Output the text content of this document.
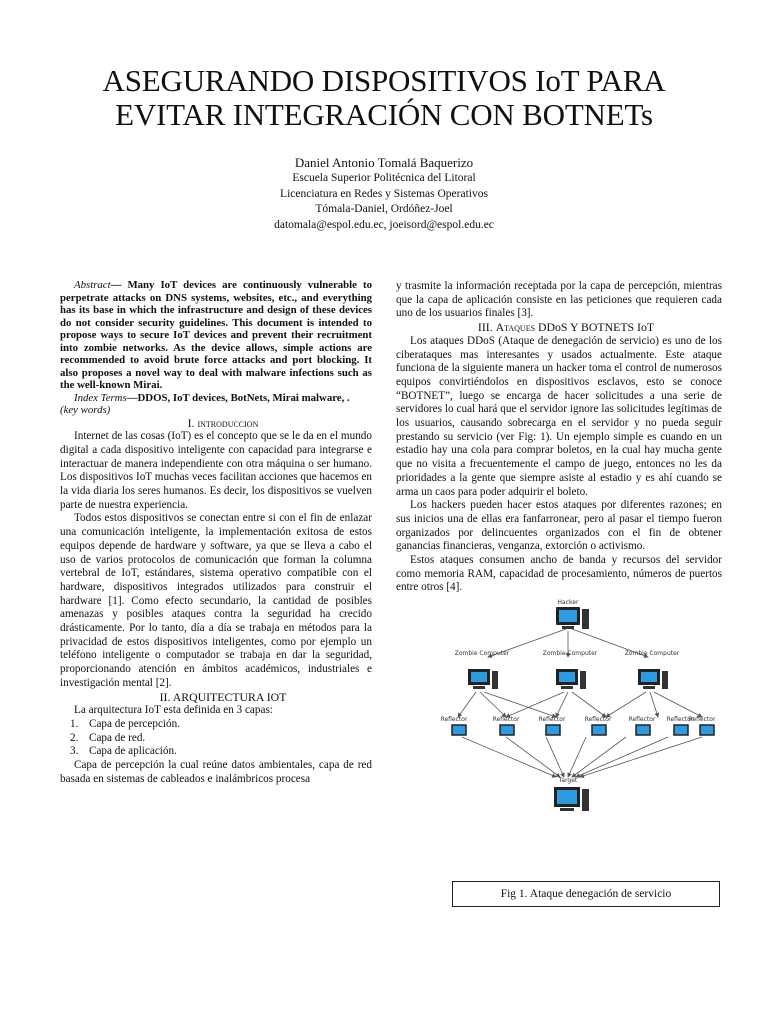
ASEGURANDO DISPOSITIVOS IoT PARA
EVITAR INTEGRACIÓN CON BOTNETs
Daniel Antonio Tomalá Baquerizo
Escuela Superior Politécnica del Litoral
Licenciatura en Redes y Sistemas Operativos
Tómala-Daniel, Ordóñez-Joel
datomala@espol.edu.ec, joeisord@espol.edu.ec

Abstract— Many IoT devices are continuously vulnerable to perpetrate attacks on DNS systems, websites, etc., and everything has its base in which the infrastructure and design of these devices do not consider security guidelines. This document is intended to propose ways to secure IoT devices and prevent their recruitment into zombie networks. As the device allows, simple actions are recommended to avoid brute force attacks and port blocking. It also proposes a novel way to deal with malware infections such as the well-known Mirai.

Index Terms—DDOS, IoT devices, BotNets, Mirai malware, .
(key words)

I. introduccion

Internet de las cosas (IoT) es el concepto que se le da en el mundo digital a cada dispositivo inteligente con capacidad para integrarse e interactuar de manera independiente con otra máquina o ser humano. Los dispositivos IoT muchas veces facilitan acciones que hacemos en la vida diaria los seres humanos. Es decir, los dispositivos se vuelven parte de nuestra experiencia.

Todos estos dispositivos se conectan entre si con el fin de enlazar una comunicación inteligente, la implementación exitosa de estos equipos depende de hardware y software, ya que se lleva a cabo el uso de varios protocolos de comunicación que forman la columna vertebral de IoT, estándares, sistema operativo compatible con el hardware, dispositivos integrados utilizados para construir el hardware [1]. Como efecto secundario, la cantidad de posibles amenazas y posibles ataques contra la seguridad ha crecido drásticamente. Por lo tanto, día a día se trabaja en métodos para la privacidad de estos dispositivos inteligentes, como por ejemplo un teléfono inteligente o computador se trabaja en dar la seguridad, proporcionando atención en ámbitos académicos, industriales e investigación mental [2].

II. ARQUITECTURA IOT

La arquitectura IoT esta definida en 3 capas:

1. Capa de percepción.
2. Capa de red.
3. Capa de aplicación.

Capa de percepción la cual reúne datos ambientales, capa de red basada en sistemas de cableados e inalámbricos procesa

y trasmite la información receptada por la capa de percepción, mientras que la capa de aplicación consiste en las peticiones que requieren cada uno de los usuarios finales [3].

III. Ataques DDoS Y BOTNETS IoT

Los ataques DDoS (Ataque de denegación de servicio) es uno de los ciberataques mas interesantes y usados actualmente. Este ataque funciona de la siguiente manera un hacker toma el control de numerosos equipos convirtiéndolos en dispositivos esclavos, esto se conoce “BOTNET”, luego se encarga de hacer solicitudes a una serie de servidores lo cual hará que el servidor ignore las solicitudes legítimas de los usuarios, causando sobrecarga en el servidor y no pueda seguir prestando su servicio (ver Fig: 1). Un ejemplo simple es cuando en un estadio hay una cola para comprar boletos, en la cual hay mucha gente que no visita a frecuentemente el campo de juego, entonces no les da prioridades a la gente que siempre asiste al estadio y es ahí cuando se arma un caos para poder adquirir el boleto.

Los hackers pueden hacer estos ataques por diferentes razones; en sus inicios una de ellas era fanfarronear, pero al pasar el tiempo fueron organizados por delincuentes organizados con el fin de obtener ganancias financieras, venganza, extorción o activismo.

Estos ataques consumen ancho de banda y recursos del servidor como memoria RAM, capacidad de procesamiento, números de puertos entre otros [4].

Hacker
Zombie Computer	Zombie Computer	Zombie Computer
Reflector	Reflector	Reflector	Reflector	Reflector Reflector
Reflector
Target
Fig 1. Ataque denegación de servicio
